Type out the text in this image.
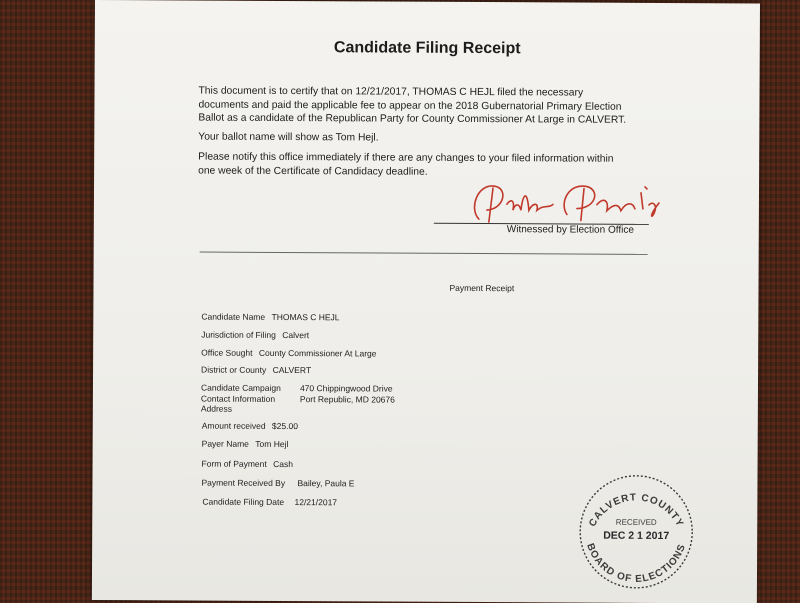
Candidate Filing Receipt
This document is to certify that on 12/21/2017, THOMAS C HEJL filed the necessary
documents and paid the applicable fee to appear on the 2018 Gubernatorial Primary Election
Ballot as a candidate of the Republican Party for County Commissioner At Large in CALVERT.
Your ballot name will show as Tom Hejl.
Please notify this office immediately if there are any changes to your filed information within
one week of the Certificate of Candidacy deadline.
Witnessed by Election Office
Payment Receipt
Candidate Name THOMAS C HEJL
Jurisdiction of Filing Calvert
Office Sought County Commissioner At Large
District or County CALVERT
Candidate Campaign
Contact Information
Address
470 Chippingwood Drive
Port Republic, MD 20676
Amount received $25.00
Payer Name Tom Hejl
Form of Payment Cash
Payment Received By Bailey, Paula E
Candidate Filing Date 12/21/2017
CALVERT COUNTY
BOARD OF ELECTIONS
RECEIVED
DEC 2 1 2017
